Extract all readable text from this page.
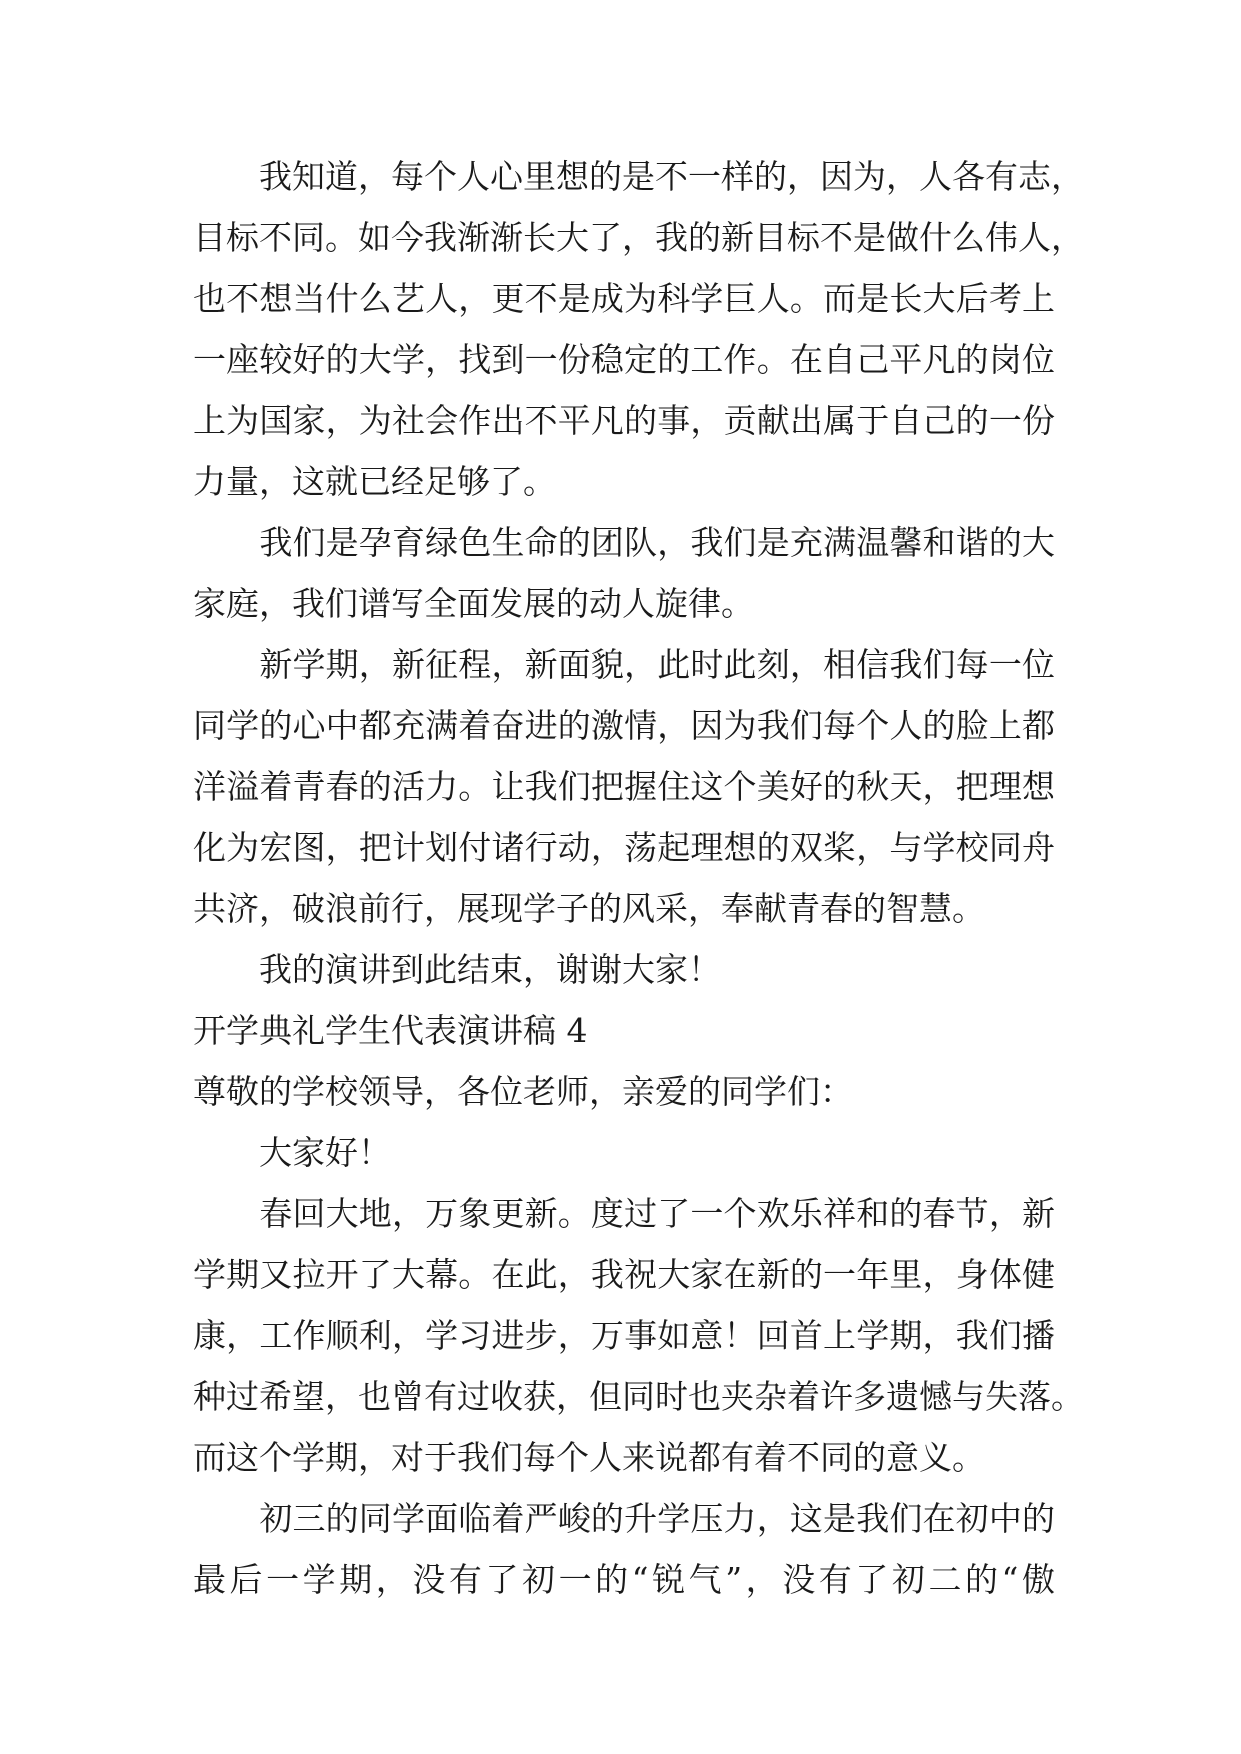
　　我知道，每个人心里想的是不一样的，因为，人各有志，
目标不同。如今我渐渐长大了，我的新目标不是做什么伟人，
也不想当什么艺人，更不是成为科学巨人。而是长大后考上
一座较好的大学，找到一份稳定的工作。在自己平凡的岗位
上为国家，为社会作出不平凡的事，贡献出属于自己的一份
力量，这就已经足够了。
　　我们是孕育绿色生命的团队，我们是充满温馨和谐的大
家庭，我们谱写全面发展的动人旋律。
　　新学期，新征程，新面貌，此时此刻，相信我们每一位
同学的心中都充满着奋进的激情，因为我们每个人的脸上都
洋溢着青春的活力。让我们把握住这个美好的秋天，把理想
化为宏图，把计划付诸行动，荡起理想的双桨，与学校同舟
共济，破浪前行，展现学子的风采，奉献青春的智慧。
　　我的演讲到此结束，谢谢大家！
开学典礼学生代表演讲稿 4
尊敬的学校领导，各位老师，亲爱的同学们：
　　大家好！
　　春回大地，万象更新。度过了一个欢乐祥和的春节，新
学期又拉开了大幕。在此，我祝大家在新的一年里，身体健
康，工作顺利，学习进步，万事如意！回首上学期，我们播
种过希望，也曾有过收获，但同时也夹杂着许多遗憾与失落。
而这个学期，对于我们每个人来说都有着不同的意义。
　　初三的同学面临着严峻的升学压力，这是我们在初中的
最后一学期，没有了初一的“锐气”，没有了初二的“傲
